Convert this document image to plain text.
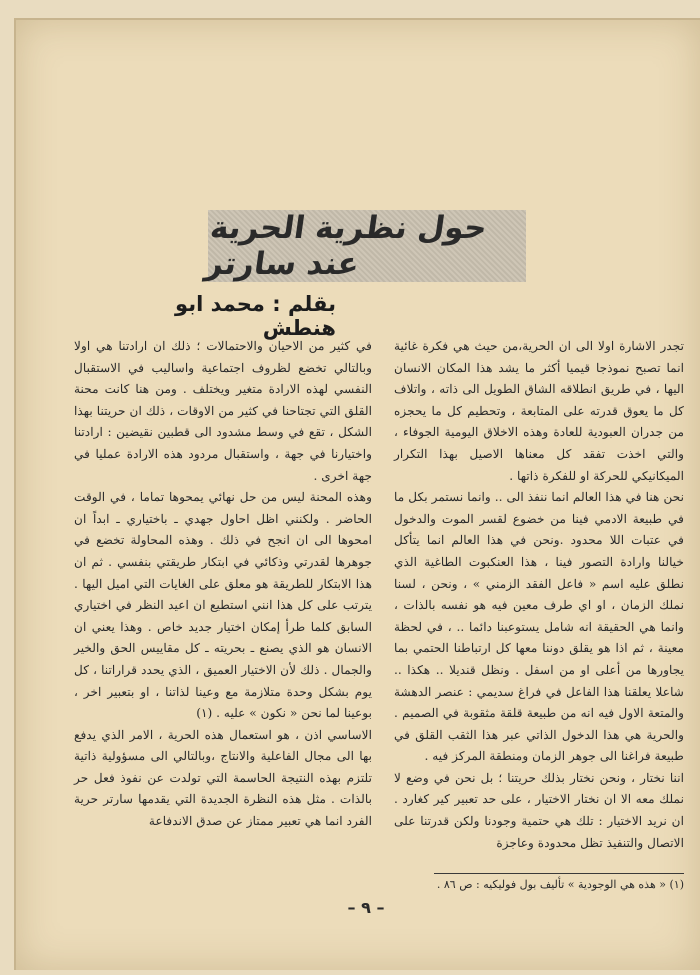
حول نظرية الحرية عند سارتر
بقلم : محمد ابو هنطش

تجدر الاشارة اولا الى ان الحرية،من حيث هي فكرة غائية انما تصبح نموذجا قيميا أكثر ما يشد هذا المكان الانسان اليها ، في طريق انطلاقه الشاق الطويل الى ذاته ، واتلاف كل ما يعوق قدرته على المتابعة ، وتحطيم كل ما يحجزه من جدران العبودية للعادة وهذه الاخلاق اليومية الجوفاء ، والتي اخذت تفقد كل معناها الاصيل بهذا التكرار الميكانيكي للحركة او للفكرة ذاتها .

نحن هنا في هذا العالم انما ننفذ الى .. وانما نستمر بكل ما في طبيعة الادمي فينا من خضوع لقسر الموت والدخول في عتبات اللا محدود .ونحن في هذا العالم انما يتأكل خيالنا وارادة التصور فينا ، هذا العنكبوت الطاغية الذي نطلق عليه اسم « فاعل الفقد الزمني » ، ونحن ، لسنا نملك الزمان ، او اي طرف معين فيه هو نفسه بالذات ، وانما هي الحقيقة انه شامل يستوعبنا دائما .. ، في لحظة معينة ، ثم اذا هو يقلق دوننا معها كل ارتباطنا الحتمي بما يجاورها من أعلى او من اسفل . ونظل قنديلا .. هكذا .. شاعلا يعلقنا هذا الفاعل في فراغ سديمي : عنصر الدهشة والمتعة الاول فيه انه من طبيعة قلقة مثقوبة في الصميم . والحرية هي هذا الدخول الذاتي عبر هذا الثقب القلق في طبيعة فراغنا الى جوهر الزمان ومنطقة المركز فيه .

اننا نختار ، ونحن نختار بذلك حريتنا ؛ بل نحن في وضع لا نملك معه الا ان نختار الاختيار ، على حد تعبير كير كغارد . ان نريد الاختيار : تلك هي حتمية وجودنا ولكن قدرتنا على الاتصال والتنفيذ تظل محدودة وعاجزة

في كثير من الاحيان والاحتمالات ؛ ذلك ان ارادتنا هي اولا وبالتالي تخضع لظروف اجتماعية واساليب في الاستقبال النفسي لهذه الارادة متغير ويختلف . ومن هنا كانت محنة القلق التي تجتاحنا في كثير من الاوقات ، ذلك ان حريتنا بهذا الشكل ، تقع في وسط مشدود الى قطبين نقيضين : ارادتنا واختيارنا في جهة ، واستقبال مردود هذه الارادة عمليا في جهة اخرى .

وهذه المحنة ليس من حل نهائي يمحوها تماما ، في الوقت الحاضر . ولكنني اظل احاول جهدي ـ باختياري ـ ابداً ان امحوها الى ان انجح في ذلك . وهذه المحاولة تخضع في جوهرها لقدرتي وذكائي في ابتكار طريقتي بنفسي . ثم ان هذا الابتكار للطريقة هو معلق على الغايات التي اميل اليها . يترتب على كل هذا انني استطيع ان اعيد النظر في اختياري السابق كلما طرأ إمكان اختيار جديد خاص . وهذا يعني ان الانسان هو الذي يصنع ـ بحريته ـ كل مقاييس الحق والخير والجمال . ذلك لأن الاختيار العميق ، الذي يحدد قراراتنا ، كل يوم بشكل وحدة متلازمة مع وعينا لذاتنا ، او بتعبير اخر ، بوعينا لما نحن « نكون » عليه . (١)

الاساسي اذن ، هو استعمال هذه الحرية ، الامر الذي يدفع بها الى مجال الفاعلية والانتاج ،وبالتالي الى مسؤولية ذاتية تلتزم بهذه النتيجة الحاسمة التي تولدت عن نفوذ فعل حر بالذات . مثل هذه النظرة الجديدة التي يقدمها سارتر حرية الفرد انما هي تعبير ممتاز عن صدق الاندفاعة

(١) « هذه هي الوجودية » تأليف بول فوليكيه : ص ٨٦ .
– ٩ –
